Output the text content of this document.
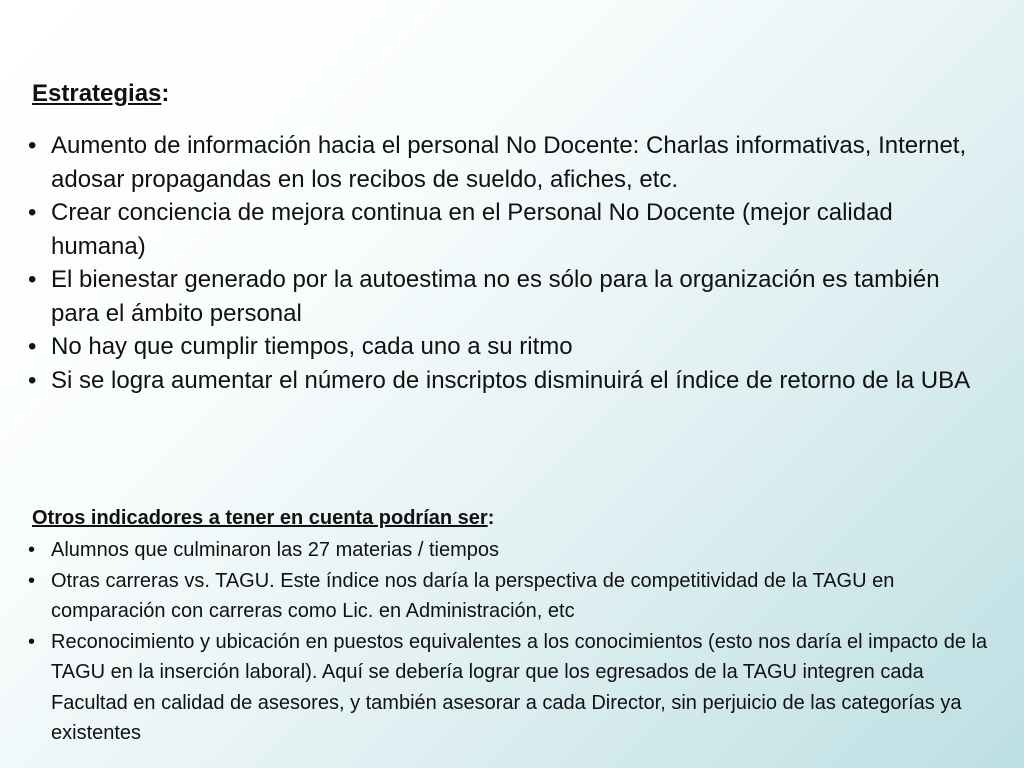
Estrategias:
• Aumento de información hacia el personal No Docente: Charlas informativas, Internet, adosar propagandas en los recibos de sueldo, afiches, etc.
• Crear conciencia de mejora continua en el Personal No Docente (mejor calidad humana)
• El bienestar generado por la autoestima no es sólo para la organización es también para el ámbito personal
• No hay que cumplir tiempos, cada uno a su ritmo
• Si se logra aumentar el número de inscriptos disminuirá el índice de retorno de la UBA
Otros indicadores a tener en cuenta podrían ser:
• Alumnos que culminaron las 27 materias / tiempos
• Otras carreras vs. TAGU. Este índice nos daría la perspectiva de competitividad de la TAGU en comparación con carreras como Lic. en Administración, etc
• Reconocimiento y ubicación en puestos equivalentes a los conocimientos (esto nos daría el impacto de la TAGU en la inserción laboral). Aquí se debería lograr que los egresados de la TAGU integren cada Facultad en calidad de asesores, y también asesorar a cada Director, sin perjuicio de las categorías ya existentes
